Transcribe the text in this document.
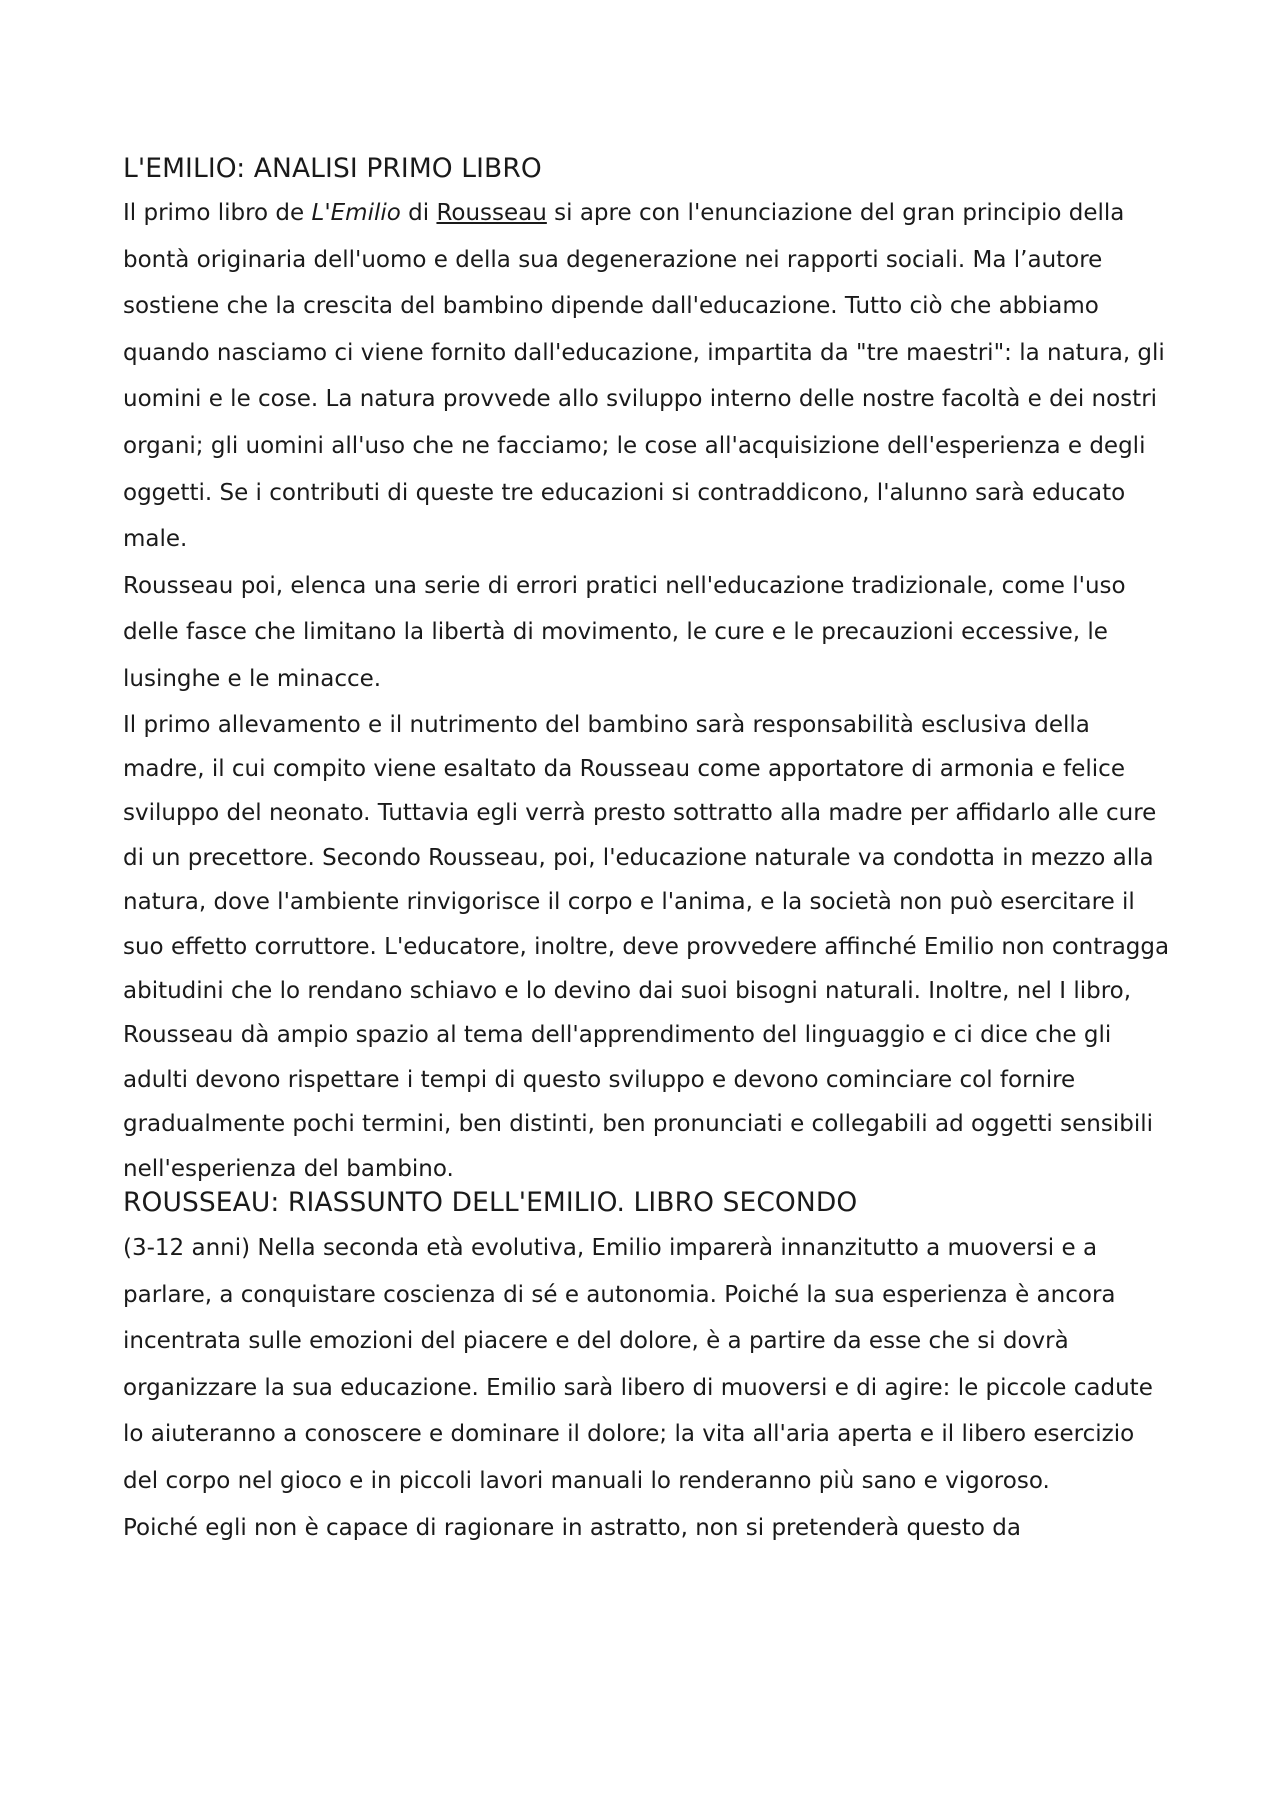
L'EMILIO: ANALISI PRIMO LIBRO

Il primo libro de L'Emilio di Rousseau si apre con l'enunciazione del gran principio della bontà originaria dell'uomo e della sua degenerazione nei rapporti sociali. Ma l’autore sostiene che la crescita del bambino dipende dall'educazione. Tutto ciò che abbiamo quando nasciamo ci viene fornito dall'educazione, impartita da "tre maestri": la natura, gli uomini e le cose. La natura provvede allo sviluppo interno delle nostre facoltà e dei nostri organi; gli uomini all'uso che ne facciamo; le cose all'acquisizione dell'esperienza e degli oggetti. Se i contributi di queste tre educazioni si contraddicono, l'alunno sarà educato male.

Rousseau poi, elenca una serie di errori pratici nell'educazione tradizionale, come l'uso delle fasce che limitano la libertà di movimento, le cure e le precauzioni eccessive, le lusinghe e le minacce.

Il primo allevamento e il nutrimento del bambino sarà responsabilità esclusiva della madre, il cui compito viene esaltato da Rousseau come apportatore di armonia e felice sviluppo del neonato. Tuttavia egli verrà presto sottratto alla madre per affidarlo alle cure di un precettore. Secondo Rousseau, poi, l'educazione naturale va condotta in mezzo alla natura, dove l'ambiente rinvigorisce il corpo e l'anima, e la società non può esercitare il suo effetto corruttore. L'educatore, inoltre, deve provvedere affinché Emilio non contragga abitudini che lo rendano schiavo e lo devino dai suoi bisogni naturali. Inoltre, nel I libro, Rousseau dà ampio spazio al tema dell'apprendimento del linguaggio e ci dice che gli adulti devono rispettare i tempi di questo sviluppo e devono cominciare col fornire gradualmente pochi termini, ben distinti, ben pronunciati e collegabili ad oggetti sensibili nell'esperienza del bambino.

ROUSSEAU: RIASSUNTO DELL'EMILIO. LIBRO SECONDO

(3-12 anni) Nella seconda età evolutiva, Emilio imparerà innanzitutto a muoversi e a parlare, a conquistare coscienza di sé e autonomia. Poiché la sua esperienza è ancora incentrata sulle emozioni del piacere e del dolore, è a partire da esse che si dovrà organizzare la sua educazione. Emilio sarà libero di muoversi e di agire: le piccole cadute lo aiuteranno a conoscere e dominare il dolore; la vita all'aria aperta e il libero esercizio del corpo nel gioco e in piccoli lavori manuali lo renderanno più sano e vigoroso.

Poiché egli non è capace di ragionare in astratto, non si pretenderà questo da
